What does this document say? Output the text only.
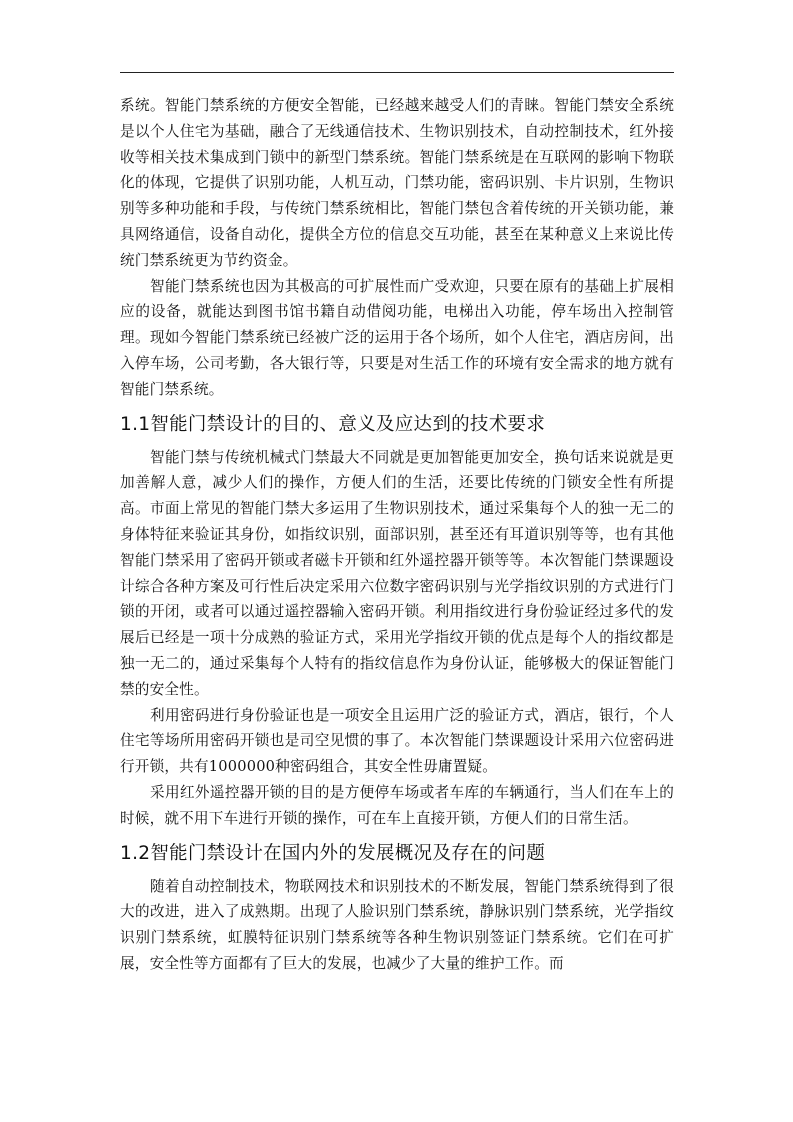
系统。智能门禁系统的方便安全智能，已经越来越受人们的青睐。智能门禁安全系统是以个人住宅为基础，融合了无线通信技术、生物识别技术，自动控制技术，红外接收等相关技术集成到门锁中的新型门禁系统。智能门禁系统是在互联网的影响下物联化的体现，它提供了识别功能，人机互动，门禁功能，密码识别、卡片识别，生物识别等多种功能和手段，与传统门禁系统相比，智能门禁包含着传统的开关锁功能，兼具网络通信，设备自动化，提供全方位的信息交互功能，甚至在某种意义上来说比传统门禁系统更为节约资金。

智能门禁系统也因为其极高的可扩展性而广受欢迎，只要在原有的基础上扩展相应的设备，就能达到图书馆书籍自动借阅功能，电梯出入功能，停车场出入控制管理。现如今智能门禁系统已经被广泛的运用于各个场所，如个人住宅，酒店房间，出入停车场，公司考勤，各大银行等，只要是对生活工作的环境有安全需求的地方就有智能门禁系统。

1.1智能门禁设计的目的、意义及应达到的技术要求

智能门禁与传统机械式门禁最大不同就是更加智能更加安全，换句话来说就是更加善解人意，减少人们的操作，方便人们的生活，还要比传统的门锁安全性有所提高。市面上常见的智能门禁大多运用了生物识别技术，通过采集每个人的独一无二的身体特征来验证其身份，如指纹识别，面部识别，甚至还有耳道识别等等，也有其他智能门禁采用了密码开锁或者磁卡开锁和红外遥控器开锁等等。本次智能门禁课题设计综合各种方案及可行性后决定采用六位数字密码识别与光学指纹识别的方式进行门锁的开闭，或者可以通过遥控器输入密码开锁。利用指纹进行身份验证经过多代的发展后已经是一项十分成熟的验证方式，采用光学指纹开锁的优点是每个人的指纹都是独一无二的，通过采集每个人特有的指纹信息作为身份认证，能够极大的保证智能门禁的安全性。

利用密码进行身份验证也是一项安全且运用广泛的验证方式，酒店，银行，个人住宅等场所用密码开锁也是司空见惯的事了。本次智能门禁课题设计采用六位密码进行开锁，共有1000000种密码组合，其安全性毋庸置疑。

采用红外遥控器开锁的目的是方便停车场或者车库的车辆通行，当人们在车上的时候，就不用下车进行开锁的操作，可在车上直接开锁，方便人们的日常生活。

1.2智能门禁设计在国内外的发展概况及存在的问题

随着自动控制技术，物联网技术和识别技术的不断发展，智能门禁系统得到了很大的改进，进入了成熟期。出现了人脸识别门禁系统，静脉识别门禁系统，光学指纹识别门禁系统，虹膜特征识别门禁系统等各种生物识别签证门禁系统。它们在可扩展，安全性等方面都有了巨大的发展，也减少了大量的维护工作。而
